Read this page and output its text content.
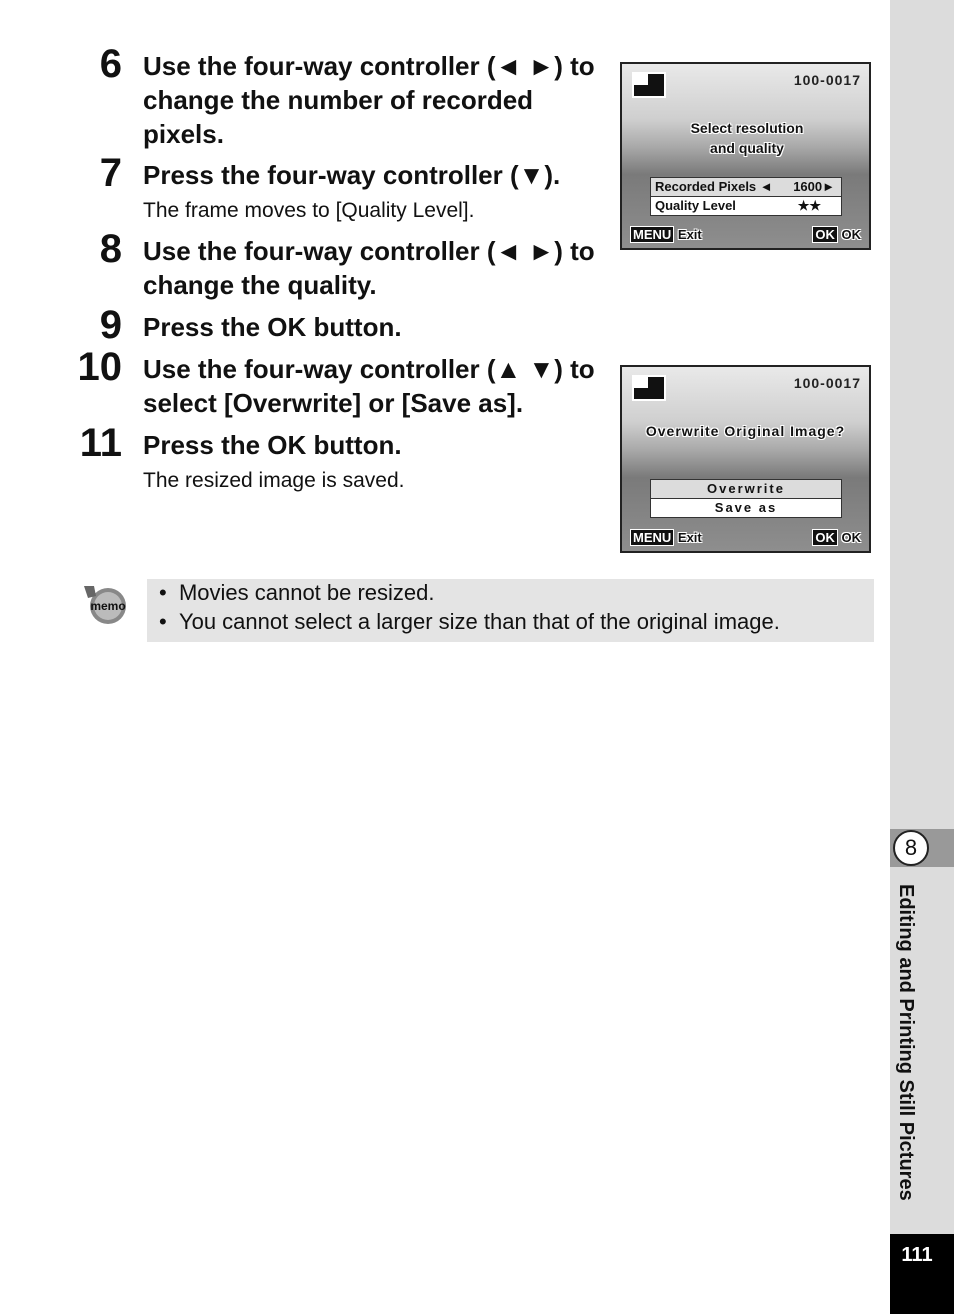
6 Use the four-way controller (◄ ►) to change the number of recorded pixels.
7 Press the four-way controller (▼).
The frame moves to [Quality Level].
8 Use the four-way controller (◄ ►) to change the quality.
9 Press the OK button.
10 Use the four-way controller (▲ ▼) to select [Overwrite] or [Save as].
11 Press the OK button.
The resized image is saved.
100-0017
Select resolution and quality
Recorded Pixels ◄ 1600►
Quality Level	★★
MENU Exit	OK OK
100-0017
Overwrite Original Image?
Overwrite
Save as
MENU Exit	OK OK
memo
•  Movies cannot be resized.
•  You cannot select a larger size than that of the original image.
8
Editing and Printing Still Pictures
111
